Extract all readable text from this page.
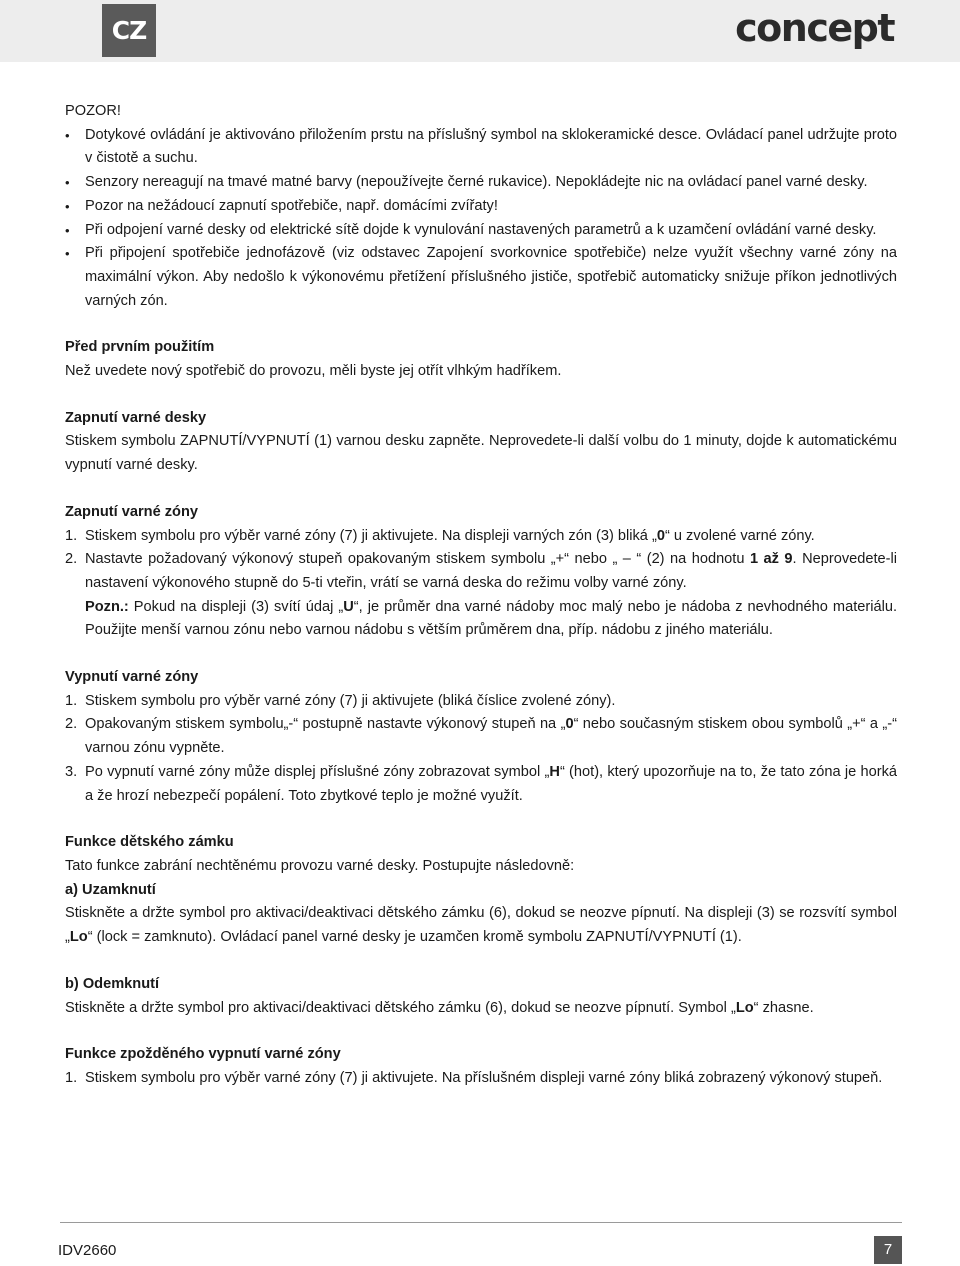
CZ	concept

POZOR!

• Dotykové ovládání je aktivováno přiložením prstu na příslušný symbol na sklokeramické desce. Ovládací panel udržujte proto v čistotě a suchu.
• Senzory nereagují na tmavé matné barvy (nepoužívejte černé rukavice). Nepokládejte nic na ovládací panel varné desky.
• Pozor na nežádoucí zapnutí spotřebiče, např. domácími zvířaty!
• Při odpojení varné desky od elektrické sítě dojde k vynulování nastavených parametrů a k uzamčení ovládání varné desky.
• Při připojení spotřebiče jednofázově (viz odstavec Zapojení svorkovnice spotřebiče) nelze využít všechny varné zóny na maximální výkon. Aby nedošlo k výkonovému přetížení příslušného jističe, spotřebič automaticky snižuje příkon jednotlivých varných zón.
Před prvním použitím

Než uvedete nový spotřebič do provozu, měli byste jej otřít vlhkým hadříkem.

Zapnutí varné desky

Stiskem symbolu ZAPNUTÍ/VYPNUTÍ (1) varnou desku zapněte. Neprovedete-li další volbu do 1 minuty, dojde k automatickému vypnutí varné desky.

Zapnutí varné zóny
1. Stiskem symbolu pro výběr varné zóny (7) ji aktivujete. Na displeji varných zón (3) bliká „0“ u zvolené varné zóny.
2. Nastavte požadovaný výkonový stupeň opakovaným stiskem symbolu „+“ nebo „ – “ (2) na hodnotu 1 až 9. Neprovedete-li nastavení výkonového stupně do 5-ti vteřin, vrátí se varná deska do režimu volby varné zóny.

Pozn.: Pokud na displeji (3) svítí údaj „U“, je průměr dna varné nádoby moc malý nebo je nádoba z nevhodného materiálu. Použijte menší varnou zónu nebo varnou nádobu s větším průměrem dna, příp. nádobu z jiného materiálu.

Vypnutí varné zóny
1. Stiskem symbolu pro výběr varné zóny (7) ji aktivujete (bliká číslice zvolené zóny).
2. Opakovaným stiskem symbolu„-“ postupně nastavte výkonový stupeň na „0“ nebo současným stiskem obou symbolů „+“ a „-“ varnou zónu vypněte.
3. Po vypnutí varné zóny může displej příslušné zóny zobrazovat symbol „H“ (hot), který upozorňuje na to, že tato zóna je horká a že hrozí nebezpečí popálení. Toto zbytkové teplo je možné využít.
Funkce dětského zámku

Tato funkce zabrání nechtěnému provozu varné desky. Postupujte následovně:

a) Uzamknutí

Stiskněte a držte symbol pro aktivaci/deaktivaci dětského zámku (6), dokud se neozve pípnutí. Na displeji (3) se rozsvítí symbol „Lo“ (lock = zamknuto). Ovládací panel varné desky je uzamčen kromě symbolu ZAPNUTÍ/VYPNUTÍ (1).

b) Odemknutí

Stiskněte a držte symbol pro aktivaci/deaktivaci dětského zámku (6), dokud se neozve pípnutí. Symbol „Lo“ zhasne.

Funkce zpožděného vypnutí varné zóny
1. Stiskem symbolu pro výběr varné zóny (7) ji aktivujete. Na příslušném displeji varné zóny bliká zobrazený výkonový stupeň.
IDV2660	7
